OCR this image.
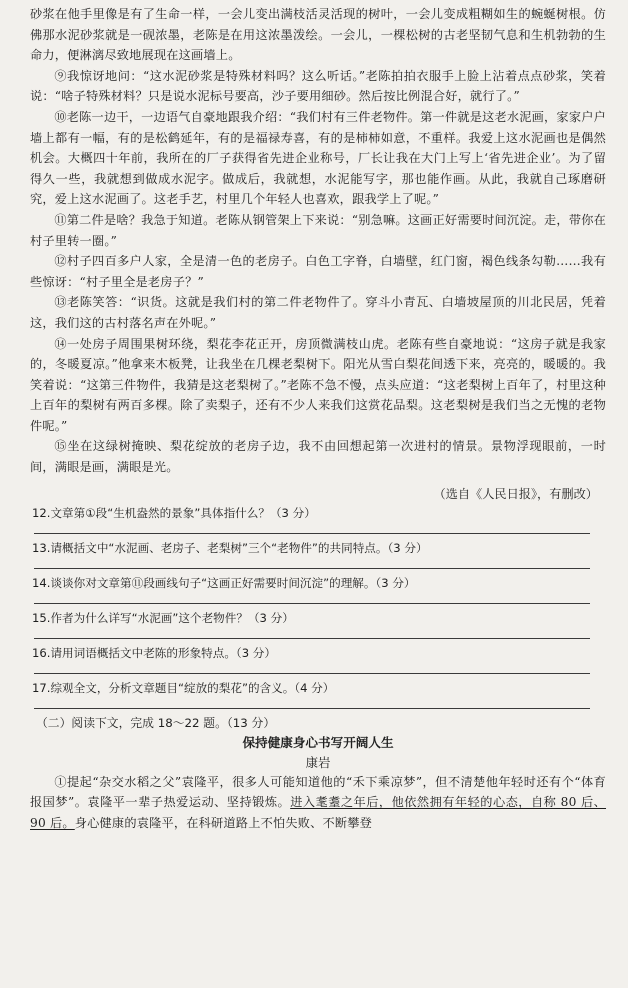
砂浆在他手里像是有了生命一样，一会儿变出满枝活灵活现的树叶，一会儿变成粗糊如生的蜿蜒树根。仿佛那水泥砂浆就是一砚浓墨，老陈是在用这浓墨泼绘。一会儿，一棵松树的古老坚韧气息和生机勃勃的生命力，便淋漓尽致地展现在这画墙上。

⑨我惊讶地问：“这水泥砂浆是特殊材料吗？这么听话。”老陈拍拍衣服手上脸上沾着点点砂浆，笑着说：“啥子特殊材料？只是说水泥标号要高，沙子要用细砂。然后按比例混合好，就行了。”

⑩老陈一边干，一边语气自豪地跟我介绍：“我们村有三件老物件。第一件就是这老水泥画，家家户户墙上都有一幅，有的是松鹤延年，有的是福禄寿喜，有的是柿柿如意，不重样。我爱上这水泥画也是偶然机会。大概四十年前，我所在的厂子获得省先进企业称号，厂长让我在大门上写上‘省先进企业’。为了留得久一些，我就想到做成水泥字。做成后，我就想，水泥能写字，那也能作画。从此，我就自己琢磨研究，爱上这水泥画了。这老手艺，村里几个年轻人也喜欢，跟我学上了呢。”

⑪第二件是啥？我急于知道。老陈从钢管架上下来说：“别急嘛。这画正好需要时间沉淀。走，带你在村子里转一圈。”

⑫村子四百多户人家，全是清一色的老房子。白色工字脊，白墙壁，红门窗，褐色线条勾勒……我有些惊讶：“村子里全是老房子？”

⑬老陈笑答：“识货。这就是我们村的第二件老物件了。穿斗小青瓦、白墙坡屋顶的川北民居，凭着这，我们这的古村落名声在外呢。”

⑭一处房子周围果树环绕，梨花李花正开，房顶微满枝山虎。老陈有些自豪地说：“这房子就是我家的，冬暖夏凉。”他拿来木板凳，让我坐在几棵老梨树下。阳光从雪白梨花间透下来，亮亮的，暖暖的。我笑着说：“这第三件物件，我猜是这老梨树了。”老陈不急不慢，点头应道：“这老梨树上百年了，村里这种上百年的梨树有两百多棵。除了卖梨子，还有不少人来我们这赏花品梨。这老梨树是我们当之无愧的老物件呢。”

⑮坐在这绿树掩映、梨花绽放的老房子边，我不由回想起第一次进村的情景。景物浮现眼前，一时间，满眼是画，满眼是光。

（选自《人民日报》，有删改）

12.文章第①段“生机盎然的景象”具体指什么？（3 分）

13.请概括文中“水泥画、老房子、老梨树”三个“老物件”的共同特点。（3 分）

14.谈谈你对文章第⑪段画线句子“这画正好需要时间沉淀”的理解。（3 分）

15.作者为什么详写“水泥画”这个老物件？（3 分）

16.请用词语概括文中老陈的形象特点。（3 分）

17.综观全文，分析文章题目“绽放的梨花”的含义。（4 分）

（二）阅读下文，完成 18～22 题。（13 分）

保持健康身心书写开阔人生

康岩

①提起“杂交水稻之父”袁隆平，很多人可能知道他的“禾下乘凉梦”，但不清楚他年轻时还有个“体育报国梦”。袁隆平一辈子热爱运动、坚持锻炼。进入耄耋之年后，他依然拥有年轻的心态，自称 80 后、90 后。身心健康的袁隆平，在科研道路上不怕失败、不断攀登
